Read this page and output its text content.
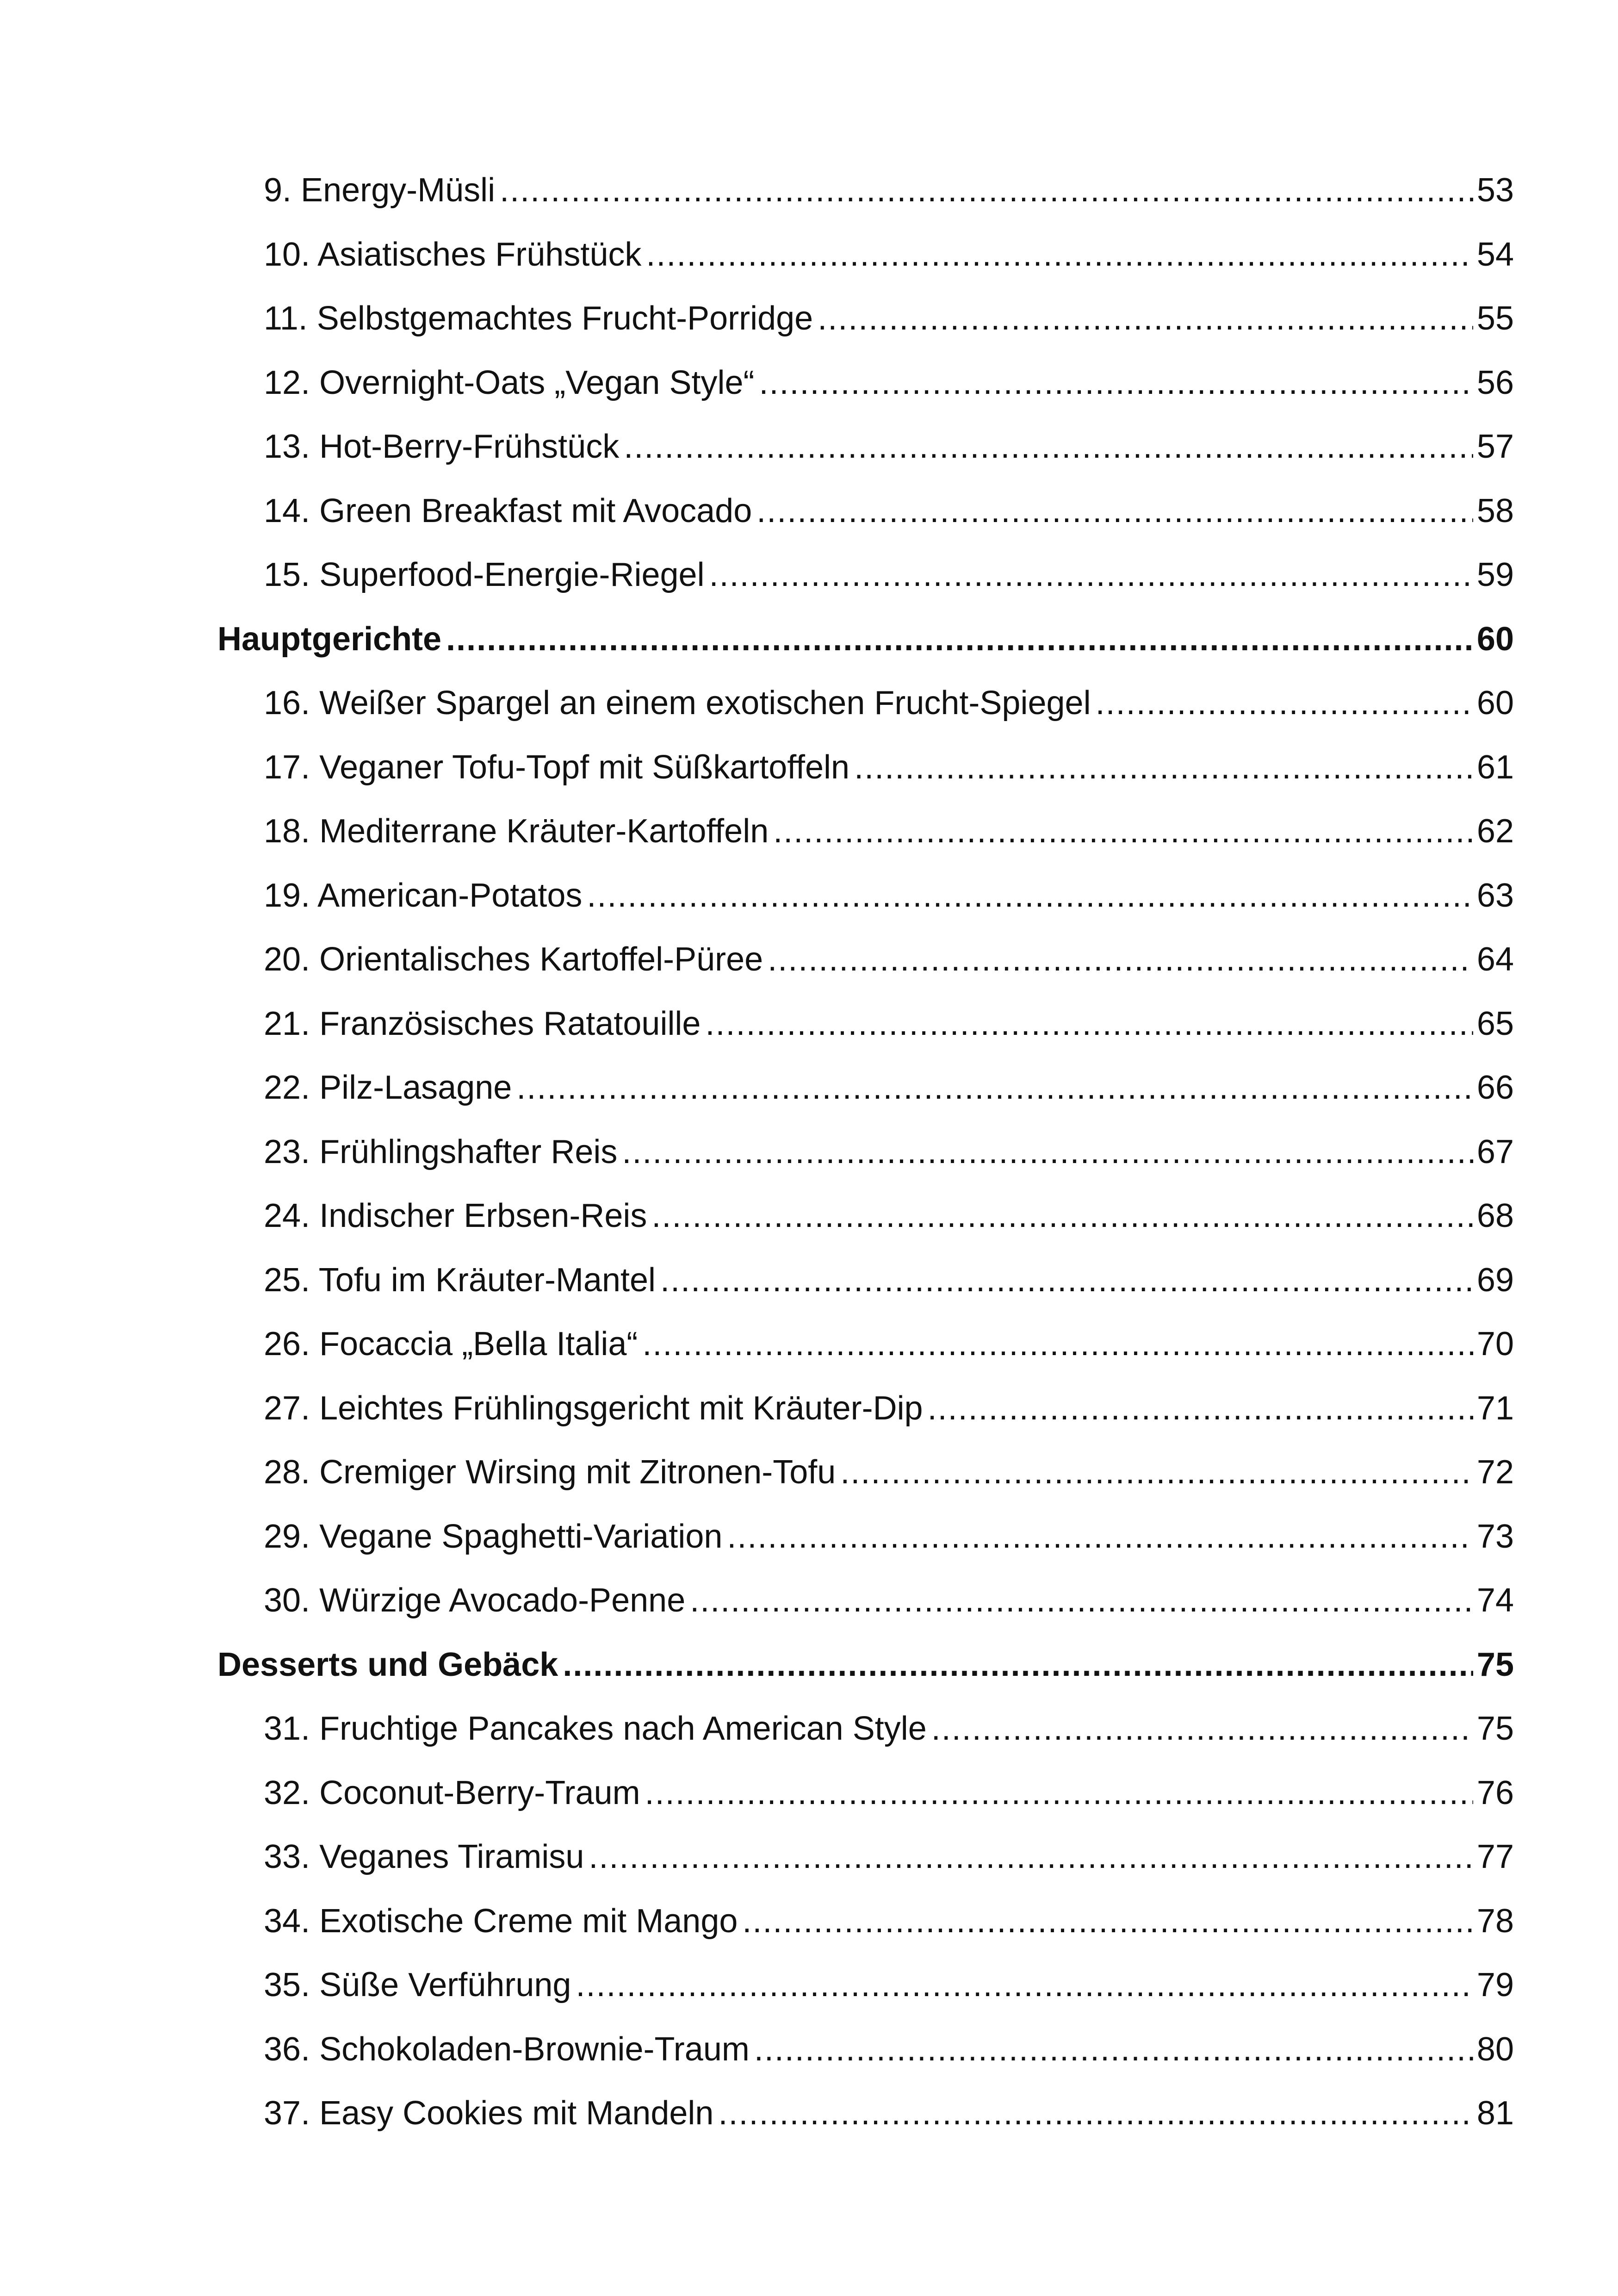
9. Energy-Müsli .....	53
10. Asiatisches Frühstück .....	54
11. Selbstgemachtes Frucht-Porridge .....	55
12. Overnight-Oats „Vegan Style“ .....	56
13. Hot-Berry-Frühstück .....	57
14. Green Breakfast mit Avocado .....	58
15. Superfood-Energie-Riegel .....	59
Hauptgerichte .....	60
16. Weißer Spargel an einem exotischen Frucht-Spiegel .....	60
17. Veganer Tofu-Topf mit Süßkartoffeln .....	61
18. Mediterrane Kräuter-Kartoffeln .....	62
19. American-Potatos .....	63
20. Orientalisches Kartoffel-Püree .....	64
21. Französisches Ratatouille .....	65
22. Pilz-Lasagne .....	66
23. Frühlingshafter Reis .....	67
24. Indischer Erbsen-Reis .....	68
25. Tofu im Kräuter-Mantel .....	69
26. Focaccia „Bella Italia“ .....	70
27. Leichtes Frühlingsgericht mit Kräuter-Dip .....	71
28. Cremiger Wirsing mit Zitronen-Tofu .....	72
29. Vegane Spaghetti-Variation .....	73
30. Würzige Avocado-Penne .....	74
Desserts und Gebäck .....	75
31. Fruchtige Pancakes nach American Style .....	75
32. Coconut-Berry-Traum .....	76
33. Veganes Tiramisu .....	77
34. Exotische Creme mit Mango .....	78
35. Süße Verführung .....	79
36. Schokoladen-Brownie-Traum .....	80
37. Easy Cookies mit Mandeln .....	81
